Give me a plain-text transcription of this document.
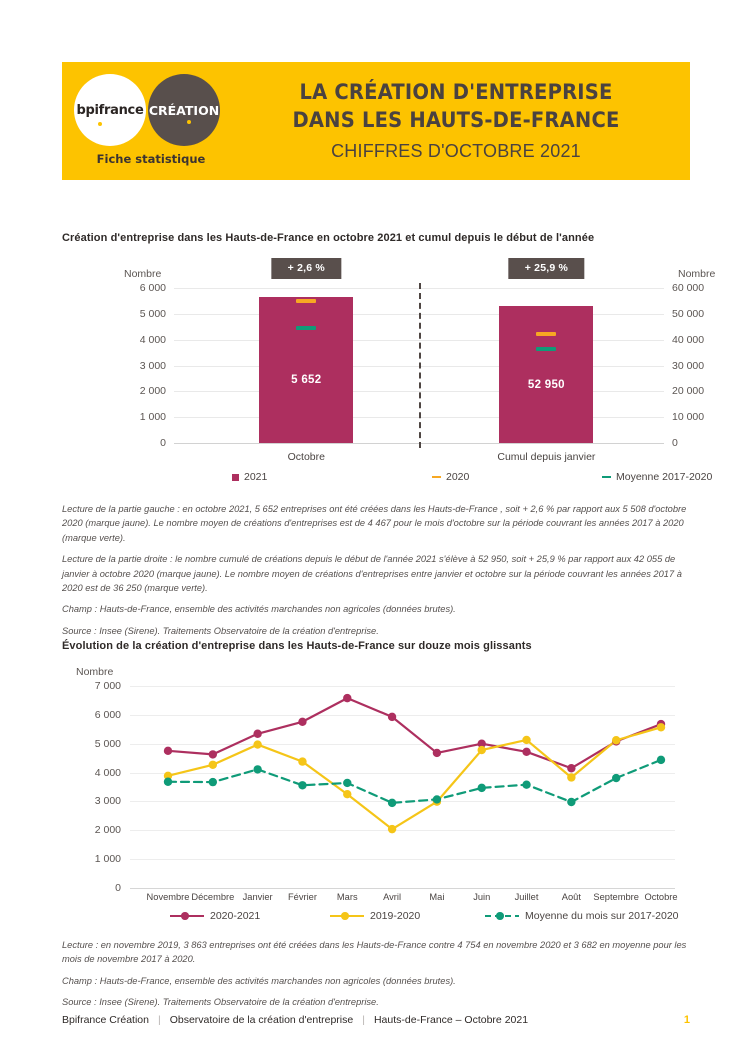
bpifrance CRÉATION
Fiche statistique
LA CRÉATION D'ENTREPRISE
DANS LES HAUTS-DE-FRANCE
CHIFFRES D'OCTOBRE 2021
Création d'entreprise dans les Hauts-de-France en octobre 2021 et cumul depuis le début de l'année
Nombre	Nombre
6 000	60 000
5 000	50 000
4 000	40 000
3 000	30 000
2 000	20 000
1 000	10 000
0	0
5 652
+ 2,6 %
Octobre
52 950
+ 25,9 %
Cumul depuis janvier
2021	2020	Moyenne 2017-2020

Lecture de la partie gauche : en octobre 2021, 5 652 entreprises ont été créées dans les Hauts-de-France , soit + 2,6 % par rapport aux 5 508 d'octobre 2020 (marque jaune). Le nombre moyen de créations d'entreprises est de 4 467 pour le mois d'octobre sur la période couvrant les années 2017 à 2020 (marque verte).

Lecture de la partie droite : le nombre cumulé de créations depuis le début de l'année 2021 s'élève à 52 950, soit + 25,9 % par rapport aux 42 055 de janvier à octobre 2020 (marque jaune). Le nombre moyen de créations d'entreprises entre janvier et octobre sur la période couvrant les années 2017 à 2020 est de 36 250 (marque verte).

Champ : Hauts-de-France, ensemble des activités marchandes non agricoles (données brutes).

Source : Insee (Sirene). Traitements Observatoire de la création d'entreprise.

Évolution de la création d'entreprise dans les Hauts-de-France sur douze mois glissants
Nombre
7 000
6 000
5 000
4 000
3 000
2 000
1 000
0
Novembre Décembre Janvier Février Mars	Avril	Mai	Juin	Juillet	Août Septembre Octobre
2020-2021	2019-2020	Moyenne du mois sur 2017-2020

Lecture : en novembre 2019, 3 863 entreprises ont été créées dans les Hauts-de-France contre 4 754 en novembre 2020 et 3 682 en moyenne pour les mois de novembre 2017 à 2020.

Champ : Hauts-de-France, ensemble des activités marchandes non agricoles (données brutes).

Source : Insee (Sirene). Traitements Observatoire de la création d'entreprise.

Bpifrance Création | Observatoire de la création d'entreprise | Hauts-de-France – Octobre 2021	1
